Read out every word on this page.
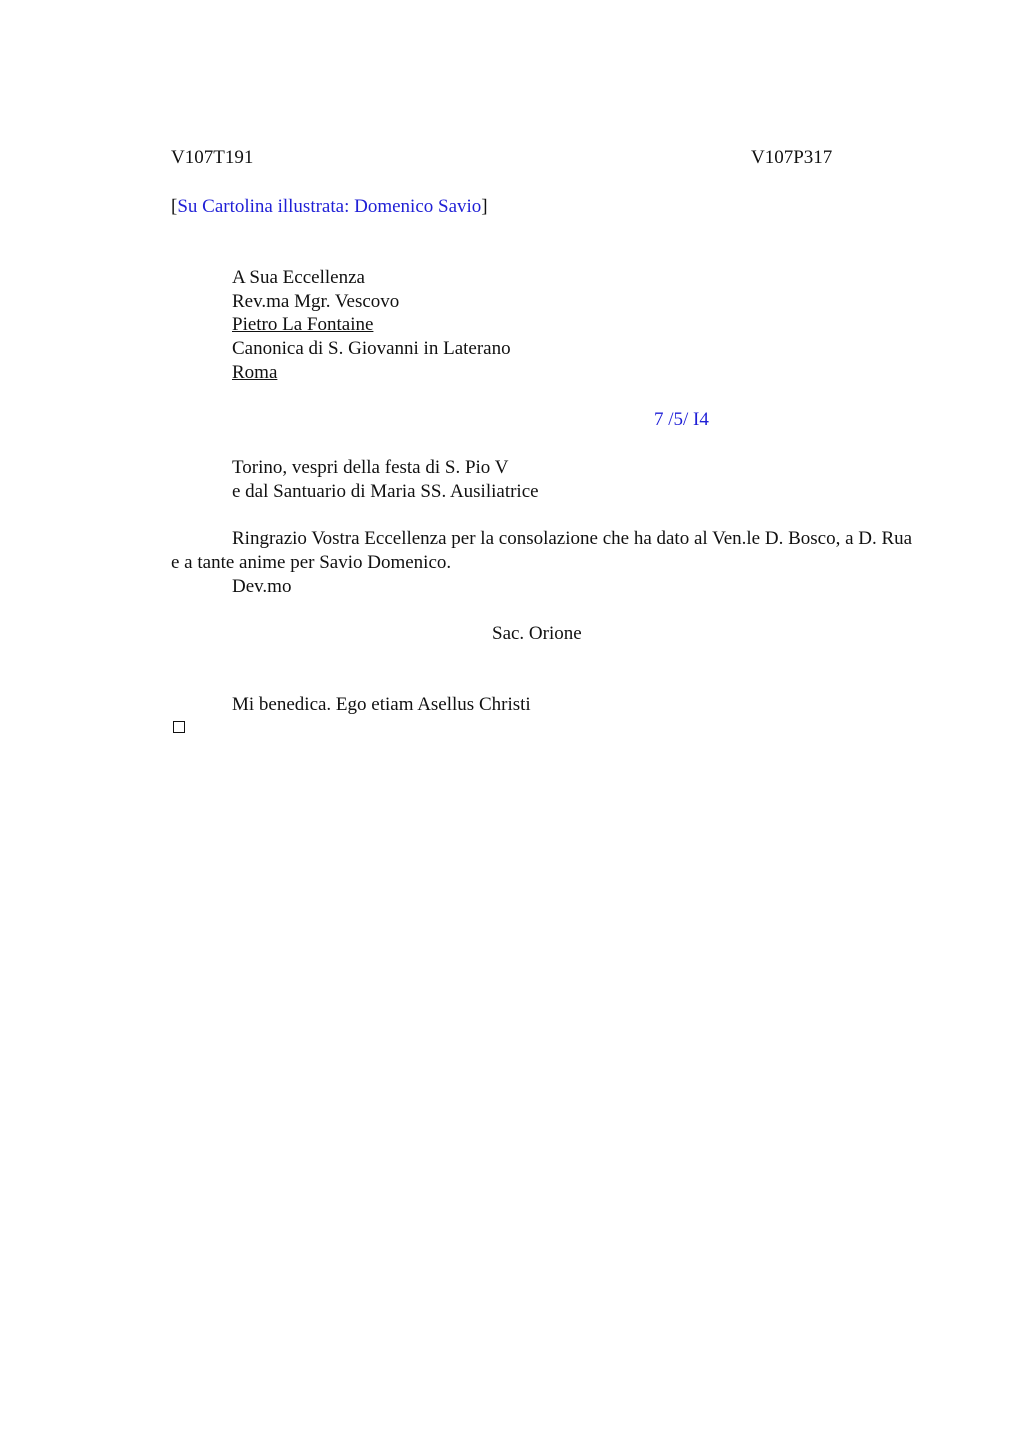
V107T191	V107P317
[Su Cartolina illustrata: Domenico Savio]
A Sua Eccellenza
Rev.ma Mgr. Vescovo
Pietro La Fontaine
Canonica di S. Giovanni in Laterano
Roma
7 /5/ I4
Torino, vespri della festa di S. Pio V
e dal Santuario di Maria SS. Ausiliatrice
Ringrazio Vostra Eccellenza per la consolazione che ha dato al Ven.le D. Bosco, a D. Rua e a tante anime per Savio Domenico.
Dev.mo
Sac. Orione
Mi benedica. Ego etiam Asellus Christi
